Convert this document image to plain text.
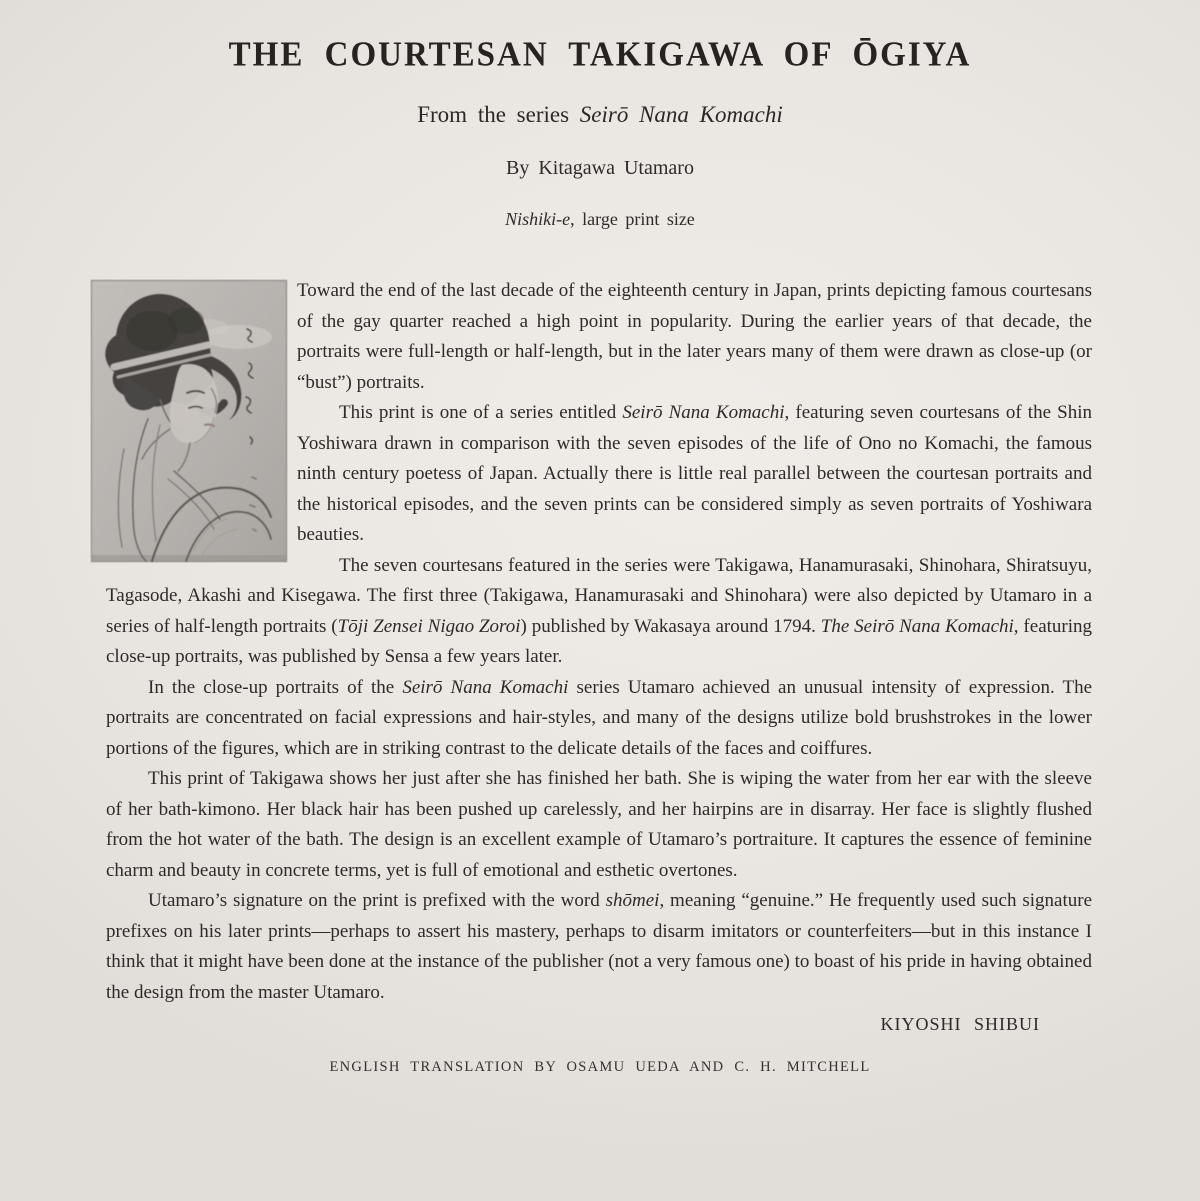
THE COURTESAN TAKIGAWA OF ŌGIYA
From the series Seirō Nana Komachi
By Kitagawa Utamaro
Nishiki-e, large print size

Toward the end of the last decade of the eighteenth century in Japan, prints depicting famous courtesans of the gay quarter reached a high point in popularity. During the earlier years of that decade, the portraits were full-length or half-length, but in the later years many of them were drawn as close-up (or “bust”) portraits.

This print is one of a series entitled Seirō Nana Komachi, featuring seven courtesans of the Shin Yoshiwara drawn in comparison with the seven episodes of the life of Ono no Komachi, the famous ninth century poetess of Japan. Actually there is little real parallel between the courtesan portraits and the historical episodes, and the seven prints can be considered simply as seven portraits of Yoshiwara beauties.

The seven courtesans featured in the series were Takigawa, Hanamurasaki, Shinohara, Shiratsuyu, Tagasode, Akashi and Kisegawa. The first three (Takigawa, Hanamurasaki and Shinohara) were also depicted by Utamaro in a series of half-length portraits (Tōji Zensei Nigao Zoroi) published by Wakasaya around 1794. The Seirō Nana Komachi, featuring close-up portraits, was published by Sensa a few years later.

In the close-up portraits of the Seirō Nana Komachi series Utamaro achieved an unusual intensity of expression. The portraits are concentrated on facial expressions and hair-styles, and many of the designs utilize bold brushstrokes in the lower portions of the figures, which are in striking contrast to the delicate details of the faces and coiffures.

This print of Takigawa shows her just after she has finished her bath. She is wiping the water from her ear with the sleeve of her bath-kimono. Her black hair has been pushed up carelessly, and her hairpins are in disarray. Her face is slightly flushed from the hot water of the bath. The design is an excellent example of Utamaro’s portraiture. It captures the essence of feminine charm and beauty in concrete terms, yet is full of emotional and esthetic overtones.

Utamaro’s signature on the print is prefixed with the word shōmei, meaning “genuine.” He frequently used such signature prefixes on his later prints—perhaps to assert his mastery, perhaps to disarm imitators or counterfeiters—but in this instance I think that it might have been done at the instance of the publisher (not a very famous one) to boast of his pride in having obtained the design from the master Utamaro.

KIYOSHI SHIBUI
ENGLISH TRANSLATION BY OSAMU UEDA AND C. H. MITCHELL
